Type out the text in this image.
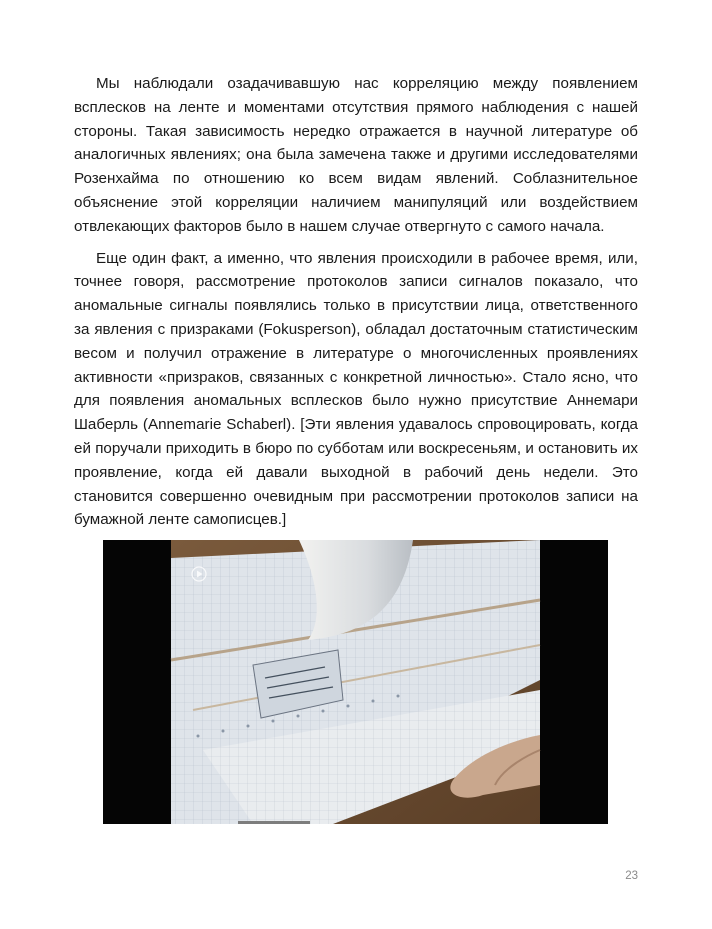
Мы наблюдали озадачивавшую нас корреляцию между появлением всплесков на ленте и моментами отсутствия прямого наблюдения с нашей стороны. Такая зависимость нередко отражается в научной литературе об аналогичных явлениях; она была замечена также и другими исследователями Розенхайма по отношению ко всем видам явлений. Соблазнительное объяснение этой корреляции наличием манипуляций или воздействием отвлекающих факторов было в нашем случае отвергнуто с самого начала.

Еще один факт, а именно, что явления происходили в рабочее время, или, точнее говоря, рассмотрение протоколов записи сигналов показало, что аномальные сигналы появлялись только в присутствии лица, ответственного за явления с призраками (Fokusperson), обладал достаточным статистическим весом и получил отражение в литературе о многочисленных проявлениях активности «призраков, связанных с конкретной личностью». Стало ясно, что для появления аномальных всплесков было нужно присутствие Аннемари Шаберль (Annemarie Schaberl). [Эти явления удавалось спровоцировать, когда ей поручали приходить в бюро по субботам или воскресеньям, и остановить их проявление, когда ей давали выходной в рабочий день недели. Это становится совершенно очевидным при рассмотрении протоколов записи на бумажной ленте самописцев.]

23
